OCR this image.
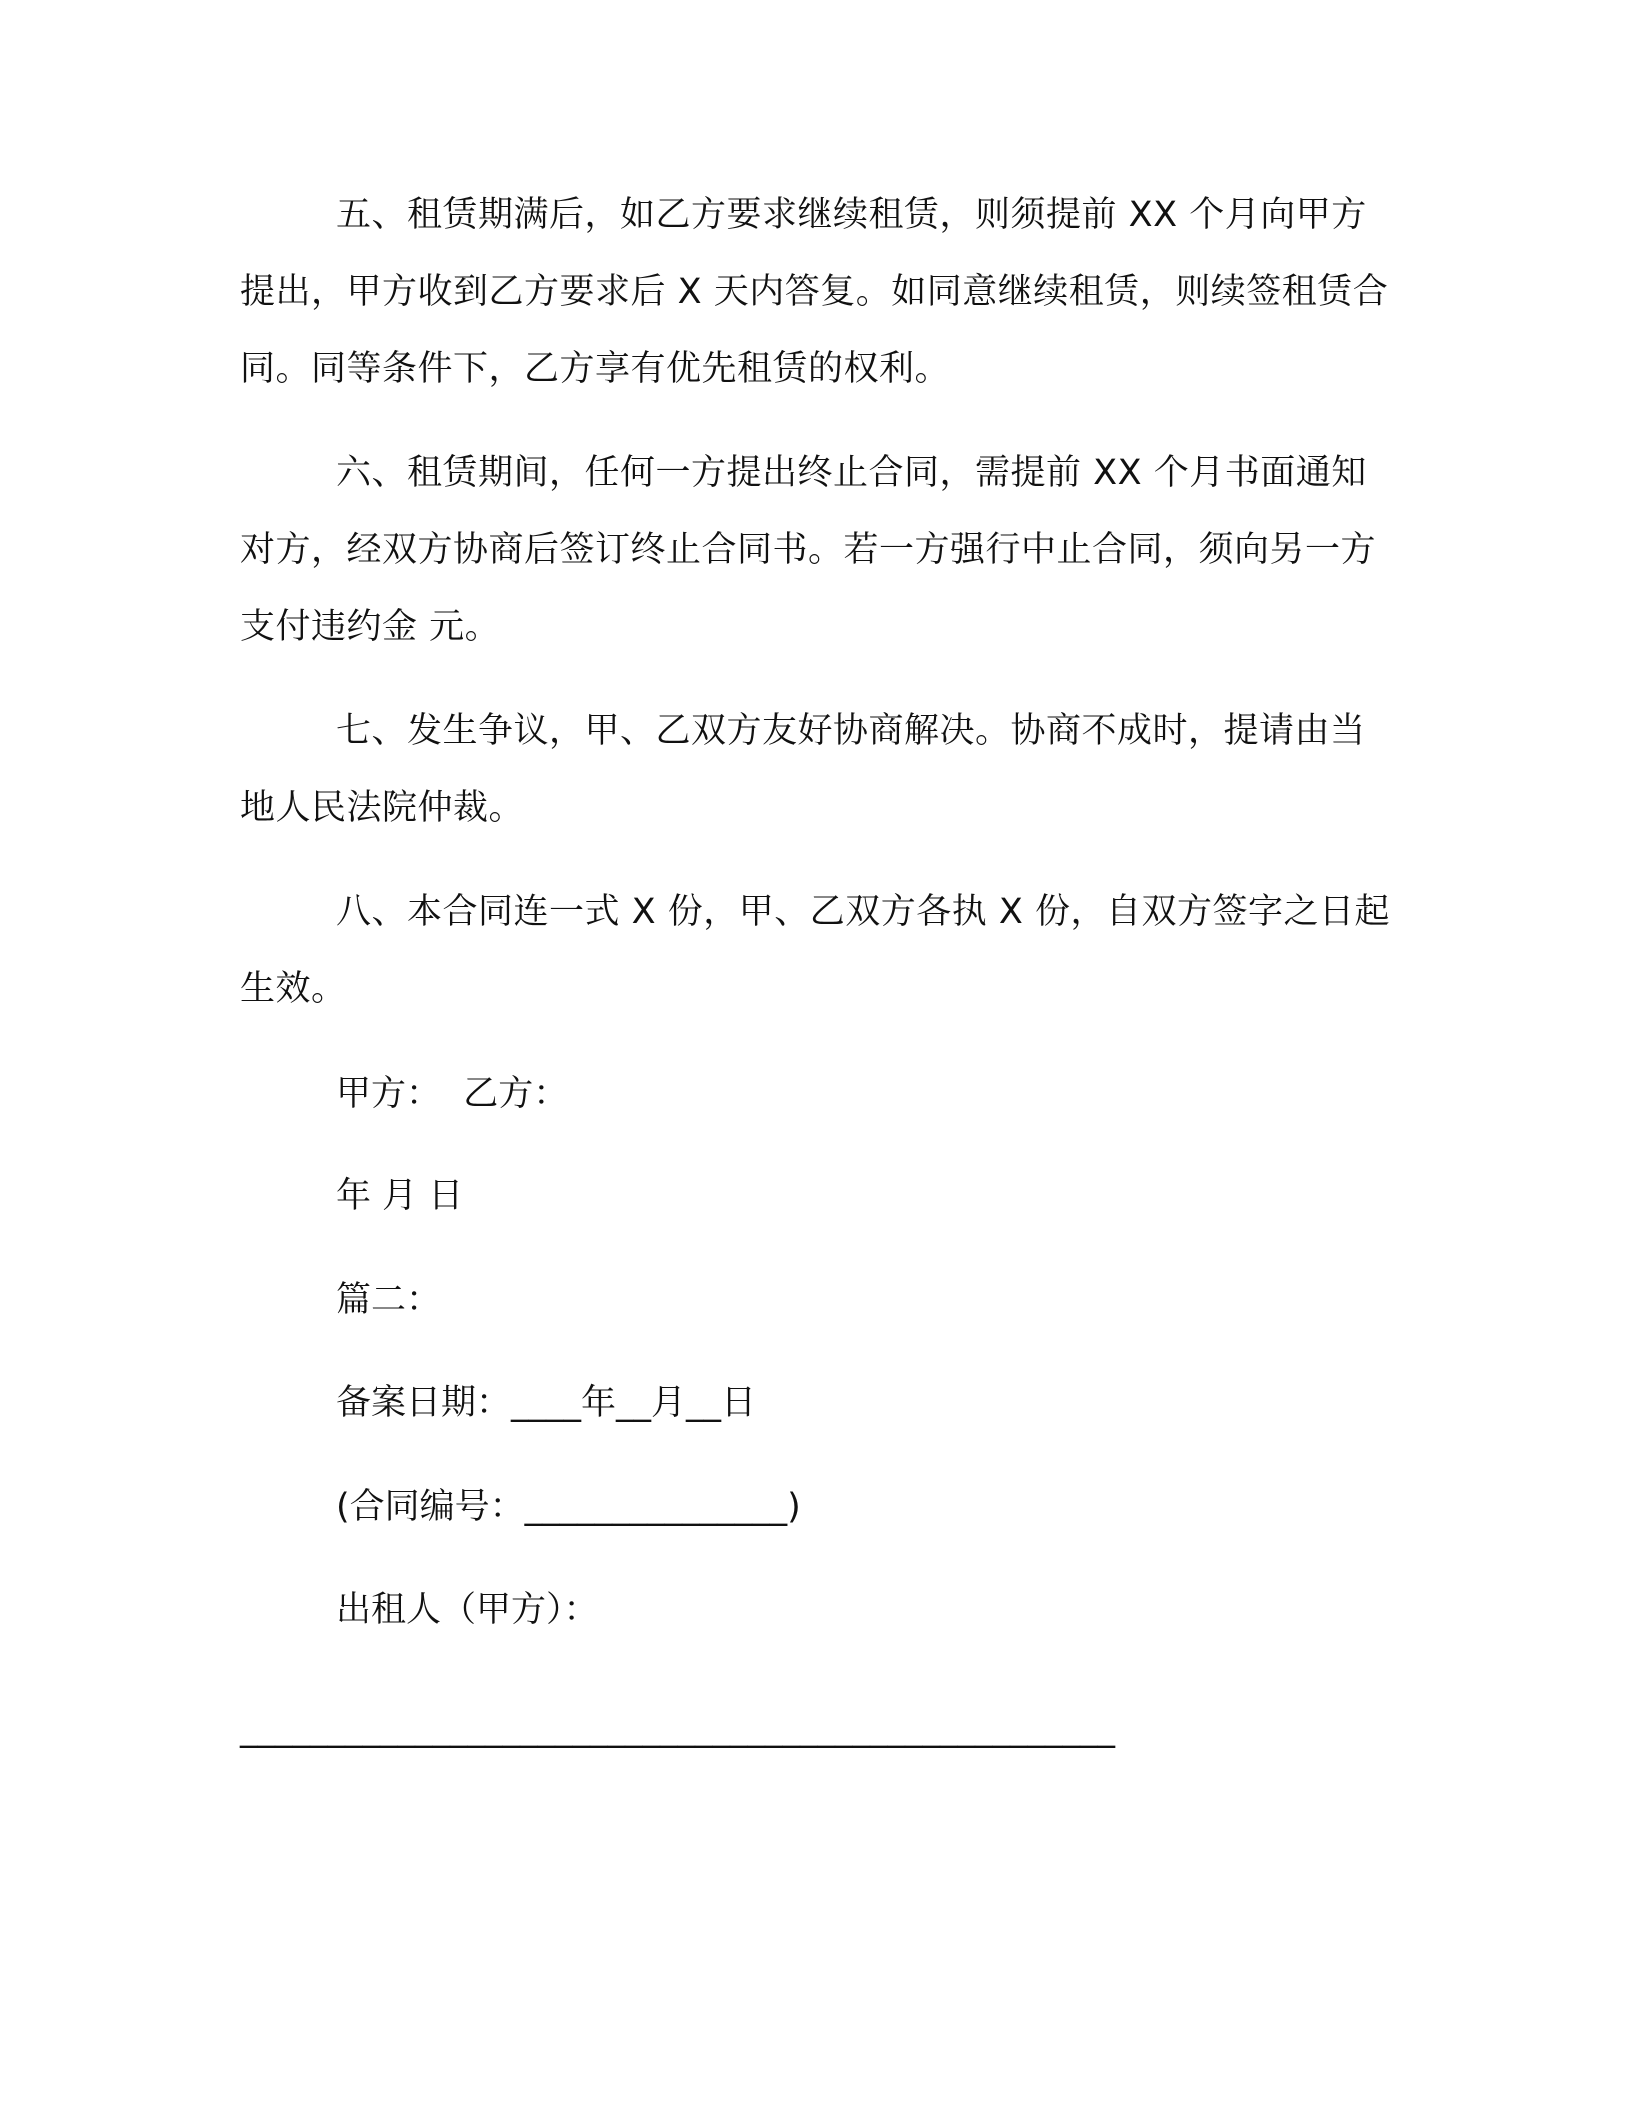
五、租赁期满后，如乙方要求继续租赁，则须提前 XX 个月向甲方提出，甲方收到乙方要求后 X 天内答复。如同意继续租赁，则续签租赁合同。同等条件下，乙方享有优先租赁的权利。

六、租赁期间，任何一方提出终止合同，需提前 XX 个月书面通知对方，经双方协商后签订终止合同书。若一方强行中止合同，须向另一方支付违约金 元。

七、发生争议，甲、乙双方友好协商解决。协商不成时，提请由当地人民法院仲裁。

八、本合同连一式 X 份，甲、乙双方各执 X 份，自双方签字之日起生效。

甲方：  乙方：

年 月 日

篇二：

备案日期：____年__月__日

(合同编号：_______________)

出租人（甲方）：

__________________________________________________
